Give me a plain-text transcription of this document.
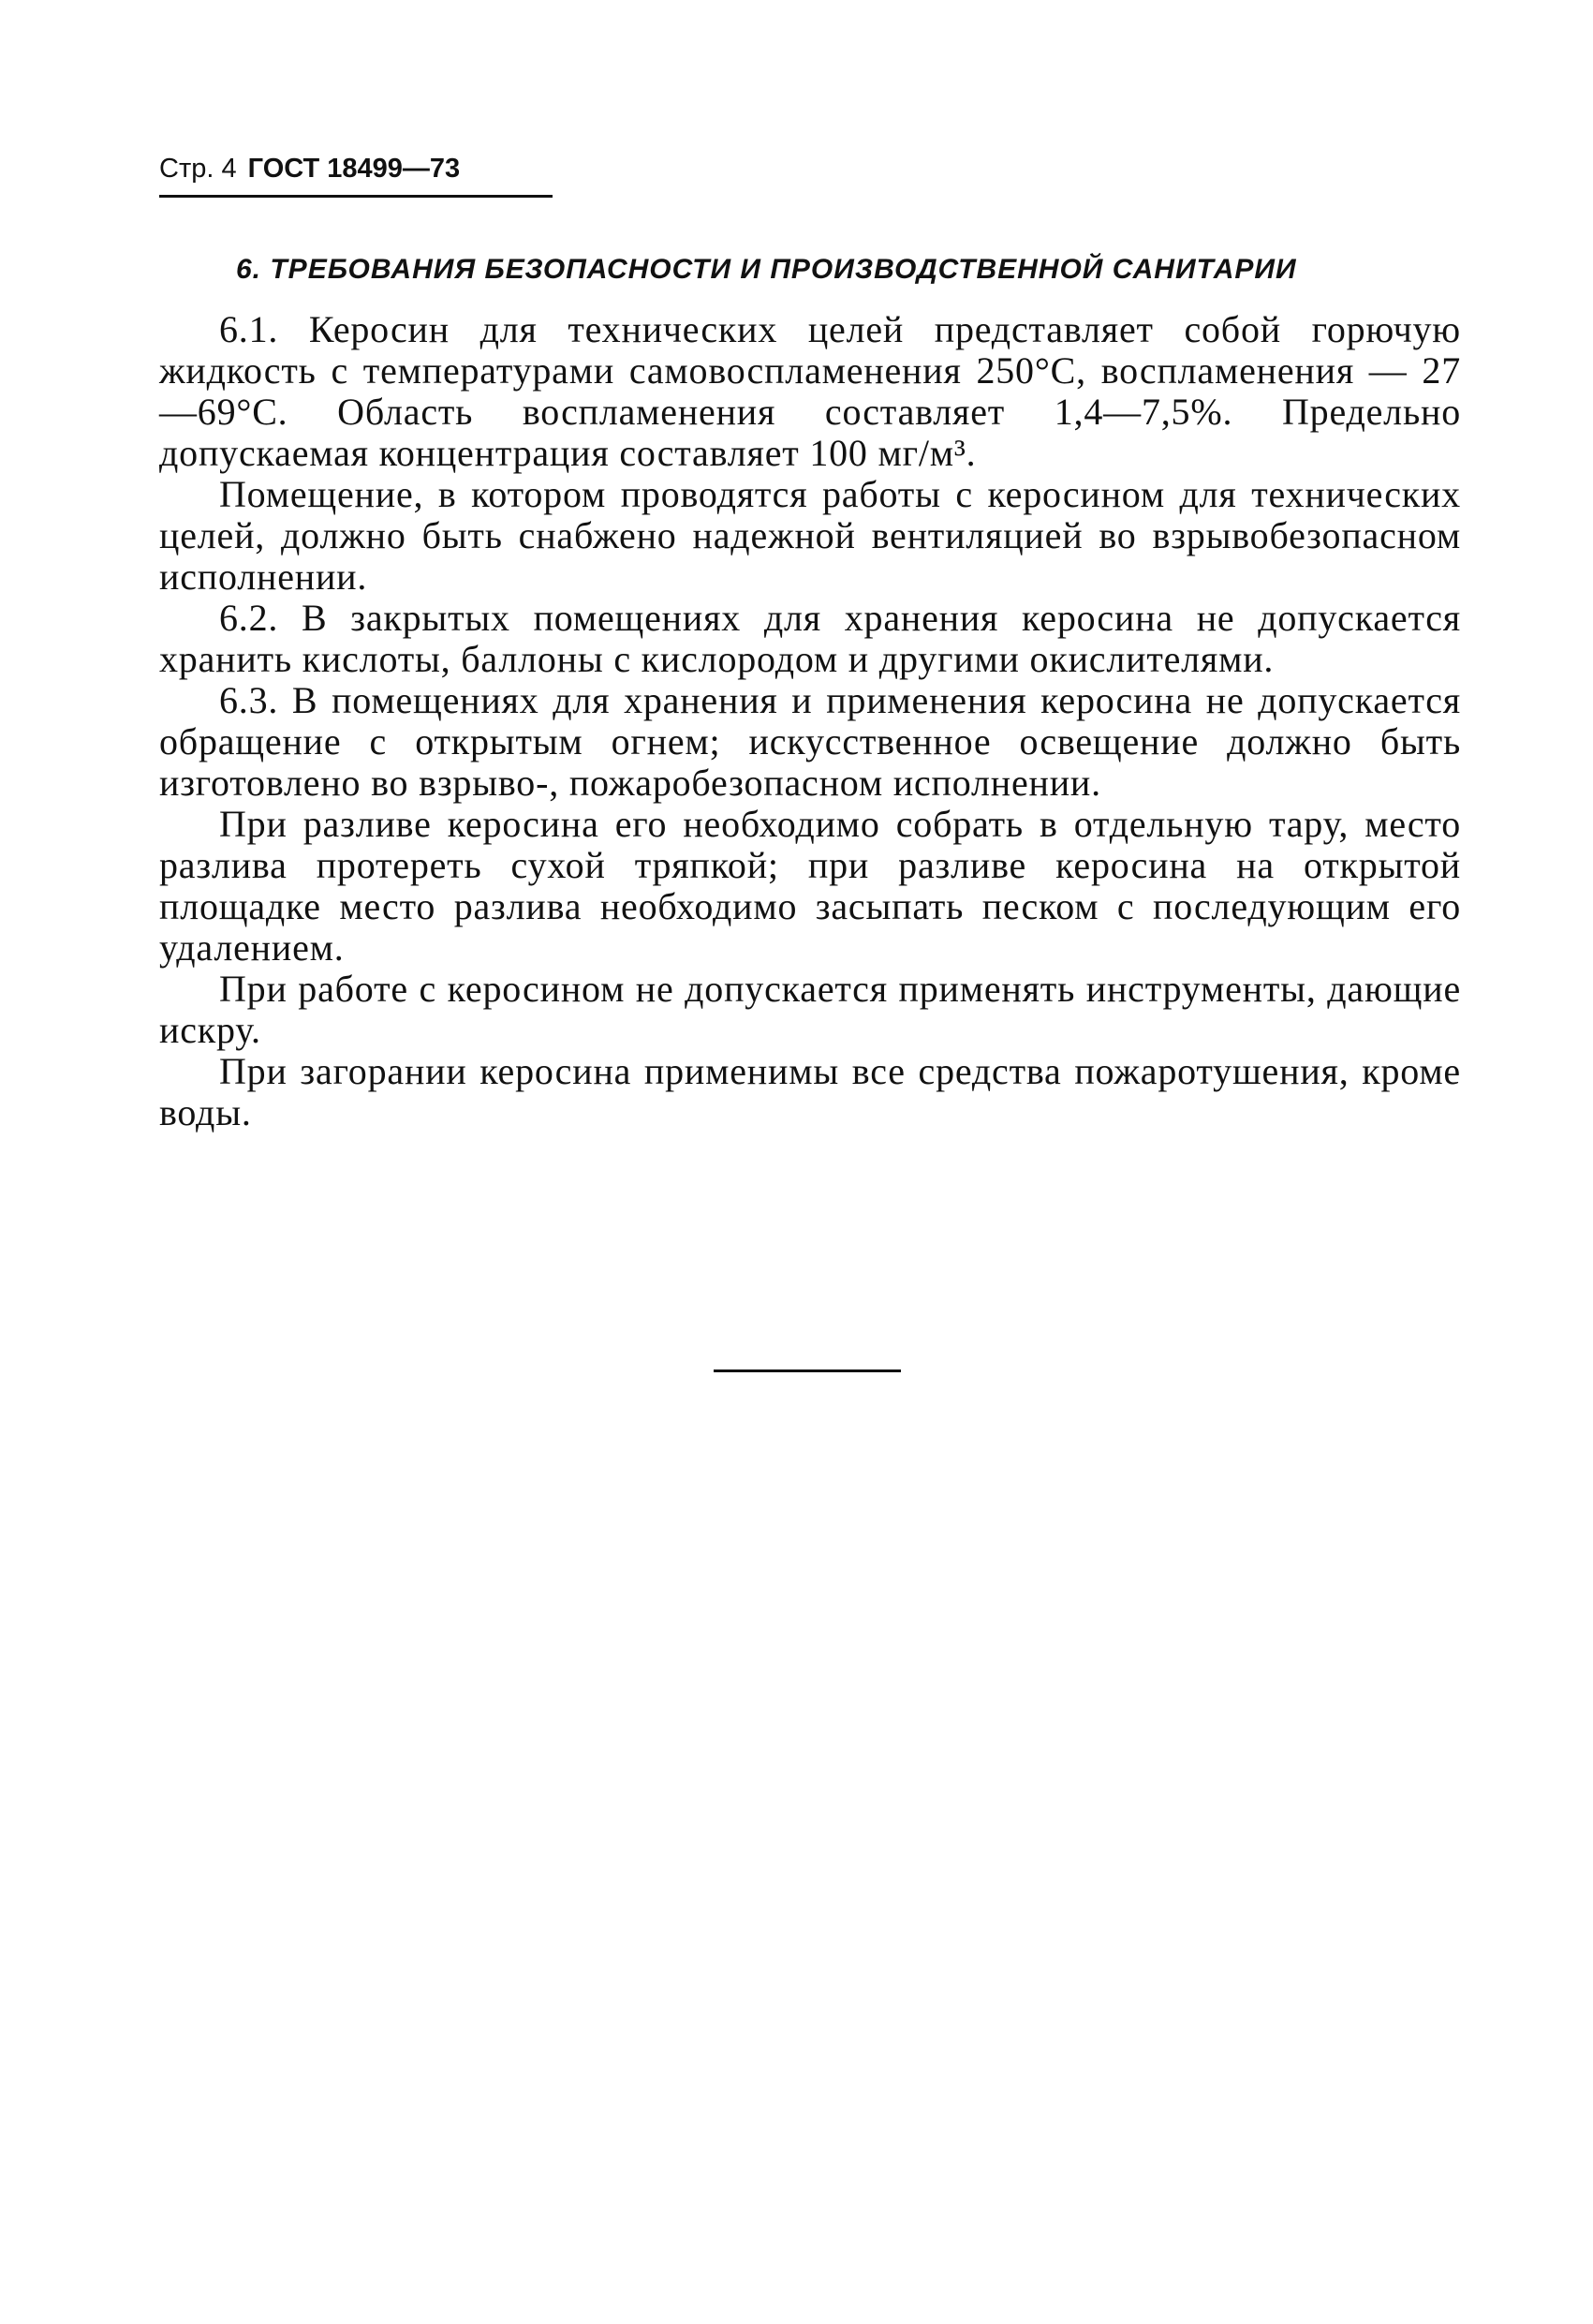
Стр. 4 ГОСТ 18499—73
6. ТРЕБОВАНИЯ БЕЗОПАСНОСТИ И ПРОИЗВОДСТВЕННОЙ САНИТАРИИ

6.1. Керосин для технических целей представляет собой горючую жидкость с температурами самовоспламенения 250°С, воспламенения — 27—69°С. Область воспламенения составляет 1,4—7,5%. Предельно допускаемая концентрация составляет 100 мг/м³.

Помещение, в котором проводятся работы с керосином для технических целей, должно быть снабжено надежной вентиляцией во взрывобезопасном исполнении.

6.2. В закрытых помещениях для хранения керосина не допускается хранить кислоты, баллоны с кислородом и другими окислителями.

6.3. В помещениях для хранения и применения керосина не допускается обращение с открытым огнем; искусственное освещение должно быть изготовлено во взрыво-, пожаробезопасном исполнении.

При разливе керосина его необходимо собрать в отдельную тару, место разлива протереть сухой тряпкой; при разливе керосина на открытой площадке место разлива необходимо засыпать песком с последующим его удалением.

При работе с керосином не допускается применять инструменты, дающие искру.

При загорании керосина применимы все средства пожаротушения, кроме воды.
